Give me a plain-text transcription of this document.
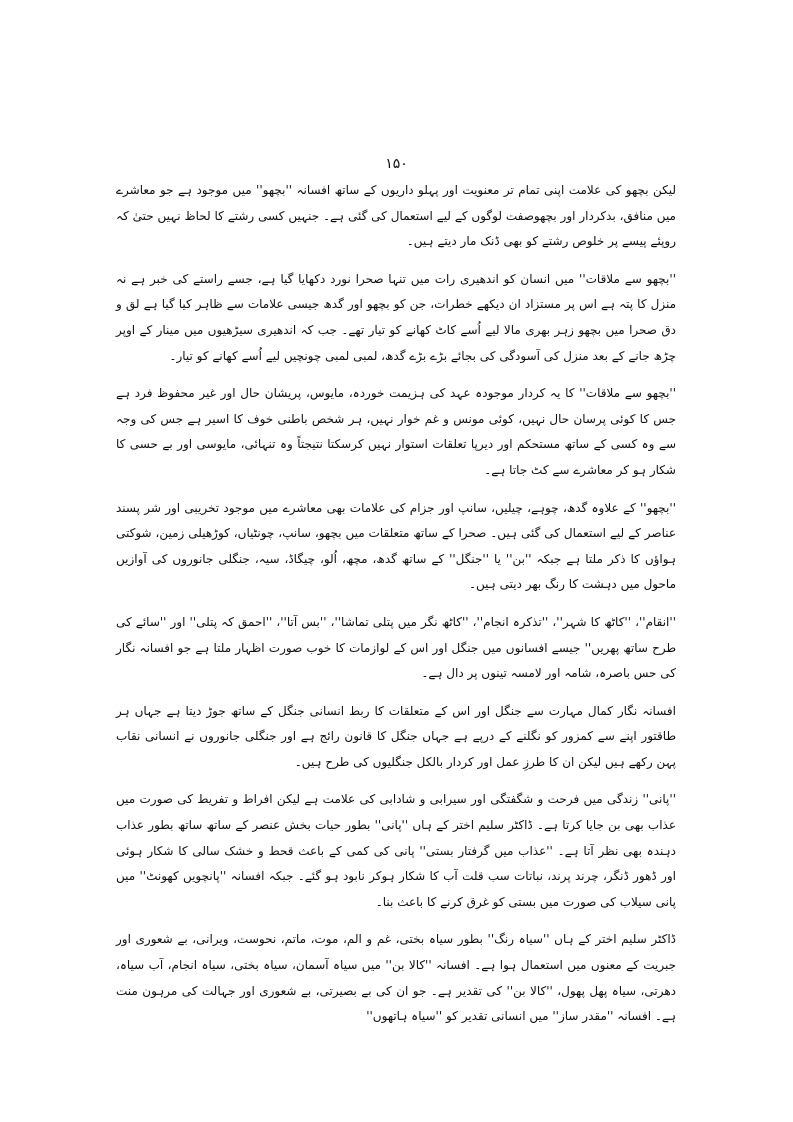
۱۵۰

لیکن بچھو کی علامت اپنی تمام تر معنویت اور پہلو داریوں کے ساتھ افسانہ ''بچھو'' میں موجود ہے جو معاشرے میں منافق، بدکردار اور بچھوصفت لوگوں کے لیے استعمال کی گئی ہے۔ جنہیں کسی رشتے کا لحاظ نہیں حتیٰ کہ روپئے پیسے پر خلوص رشتے کو بھی ڈنک مار دیتے ہیں۔

''بچھو سے ملاقات'' میں انسان کو اندھیری رات میں تنہا صحرا نورد دکھایا گیا ہے، جسے راستے کی خبر ہے نہ منزل کا پتہ ہے اس پر مستزاد ان دیکھے خطرات، جن کو بچھو اور گدھ جیسی علامات سے ظاہر کیا گیا ہے لق و دق صحرا میں بچھو زہر بھری مالا لیے اُسے کاٹ کھانے کو تیار تھے۔ جب کہ اندھیری سیڑھیوں میں مینار کے اوپر چڑھ جانے کے بعد منزل کی آسودگی کی بجائے بڑے بڑے گدھ، لمبی لمبی چونچیں لیے اُسے کھانے کو تیار۔

''بچھو سے ملاقات'' کا یہ کردار موجودہ عہد کی ہزیمت خوردہ، مایوس، پریشان حال اور غیر محفوظ فرد ہے جس کا کوئی پرسان حال نہیں، کوئی مونس و غم خوار نہیں، ہر شخص باطنی خوف کا اسیر ہے جس کی وجہ سے وہ کسی کے ساتھ مستحکم اور دیرپا تعلقات استوار نہیں کرسکتا نتیجتاً وہ تنہائی، مایوسی اور بے حسی کا شکار ہو کر معاشرے سے کٹ جاتا ہے۔

''بچھو'' کے علاوہ گدھ، چوہے، چیلیں، سانپ اور جزام کی علامات بھی معاشرے میں موجود تخریبی اور شر پسند عناصر کے لیے استعمال کی گئی ہیں۔ صحرا کے ساتھ متعلقات میں بچھو، سانپ، چونٹیاں، کوڑھیلی زمین، شوکتی ہواؤں کا ذکر ملتا ہے جبکہ ''بن'' یا ''جنگل'' کے ساتھ گدھ، مچھ، اُلو، چیگاڈ، سیہ، جنگلی جانوروں کی آوازیں ماحول میں دہشت کا رنگ بھر دیتی ہیں۔

''انقام''، ''کاٹھ کا شہر''، ''تذکرہ انجام''، ''کاٹھ نگر میں پتلی تماشا''، ''بس آتا''، ''احمق کہ پتلی'' اور ''سائے کی طرح ساتھ پھریں'' جیسے افسانوں میں جنگل اور اس کے لوازمات کا خوب صورت اظہار ملتا ہے جو افسانہ نگار کی حس باصرہ، شامہ اور لامسہ تینوں پر دال ہے۔

افسانہ نگار کمال مہارت سے جنگل اور اس کے متعلقات کا ربط انسانی جنگل کے ساتھ جوڑ دیتا ہے جہاں ہر طاقتور اپنے سے کمزور کو نگلنے کے درپے ہے جہاں جنگل کا قانون رائج ہے اور جنگلی جانوروں نے انسانی نقاب پہن رکھے ہیں لیکن ان کا طرزِ عمل اور کردار بالکل جنگلیوں کی طرح ہیں۔

''پانی'' زندگی میں فرحت و شگفتگی اور سیرابی و شادابی کی علامت ہے لیکن افراط و تفریط کی صورت میں عذاب بھی بن جایا کرتا ہے۔ ڈاکٹر سلیم اختر کے ہاں ''پانی'' بطور حیات بخش عنصر کے ساتھ ساتھ بطور عذاب دہندہ بھی نظر آتا ہے۔ ''عذاب میں گرفتار بستی'' پانی کی کمی کے باعث قحط و خشک سالی کا شکار ہوئی اور ڈھور ڈنگر، چرند پرند، نباتات سب قلت آب کا شکار ہوکر نابود ہو گئے۔ جبکہ افسانہ ''پانچویں کھونٹ'' میں پانی سیلاب کی صورت میں بستی کو غرق کرنے کا باعث بنا۔

ڈاکٹر سلیم اختر کے ہاں ''سیاہ رنگ'' بطور سیاہ بختی، غم و الم، موت، ماتم، نحوست، ویرانی، بے شعوری اور جبریت کے معنوں میں استعمال ہوا ہے۔ افسانہ ''کالا بن'' میں سیاہ آسمان، سیاہ بختی، سیاہ انجام، آب سیاہ، دھرتی، سیاہ پھل پھول، ''کالا بن'' کی تقدیر ہے۔ جو ان کی بے بصیرتی، بے شعوری اور جہالت کی مرہون منت ہے۔ افسانہ ''مقدر ساز'' میں انسانی تقدیر کو ''سیاہ ہاتھوں''
